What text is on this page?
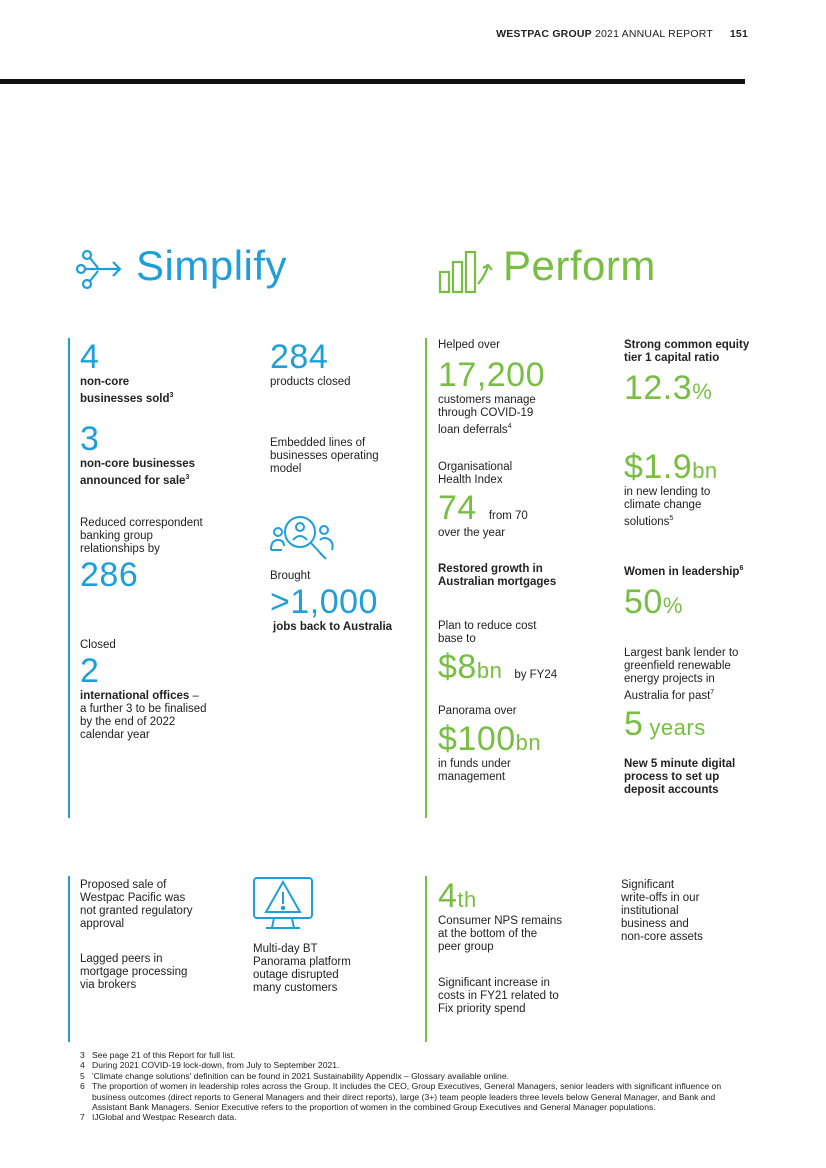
WESTPAC GROUP 2021 ANNUAL REPORT 151
Simplify	Perform
4
non-core
businesses sold$^3$
3
non-core businesses
announced for sale$^3$
Reduced correspondent
banking group
relationships by
286
Closed
2
international offices –
a further 3 to be finalised
by the end of 2022
calendar year
284
products closed
Embedded lines of
businesses operating
model
Brought
>1,000
jobs back to Australia
Proposed sale of
Westpac Pacific was
not granted regulatory
approval
Lagged peers in
mortgage processing
via brokers
Multi-day BT
Panorama platform
outage disrupted
many customers
Helped over
17,200
customers manage
through COVID-19
loan deferrals$^4$
Organisational
Health Index
74 from 70
over the year
Restored growth in
Australian mortgages
Plan to reduce cost
base to
$8 bn by FY24
Panorama over
$100 bn
in funds under
management
Strong common equity
tier 1 capital ratio
12.3 %
$1.9 bn
in new lending to
climate change
solutions$^5$
Women in leadership$^6$
50 %
Largest bank lender to
greenfield renewable
energy projects in
Australia for past$^7$
5 years
New 5 minute digital
process to set up
deposit accounts
4 th
Consumer NPS remains
at the bottom of the
peer group
Significant increase in
costs in FY21 related to
Fix priority spend
Significant
write-offs in our
institutional
business and
non-core assets
3 See page 21 of this Report for full list.
4 During 2021 COVID-19 lock-down, from July to September 2021.
5 'Climate change solutions' definition can be found in 2021 Sustainability Appendix – Glossary available online.
6 The proportion of women in leadership roles across the Group. It includes the CEO, Group Executives, General Managers, senior leaders with significant influence on business outcomes (direct reports to General Managers and their direct reports), large (3+) team people leaders three levels below General Manager, and Bank and Assistant Bank Managers. Senior Executive refers to the proportion of women in the combined Group Executives and General Manager populations.
7 IJGlobal and Westpac Research data.
